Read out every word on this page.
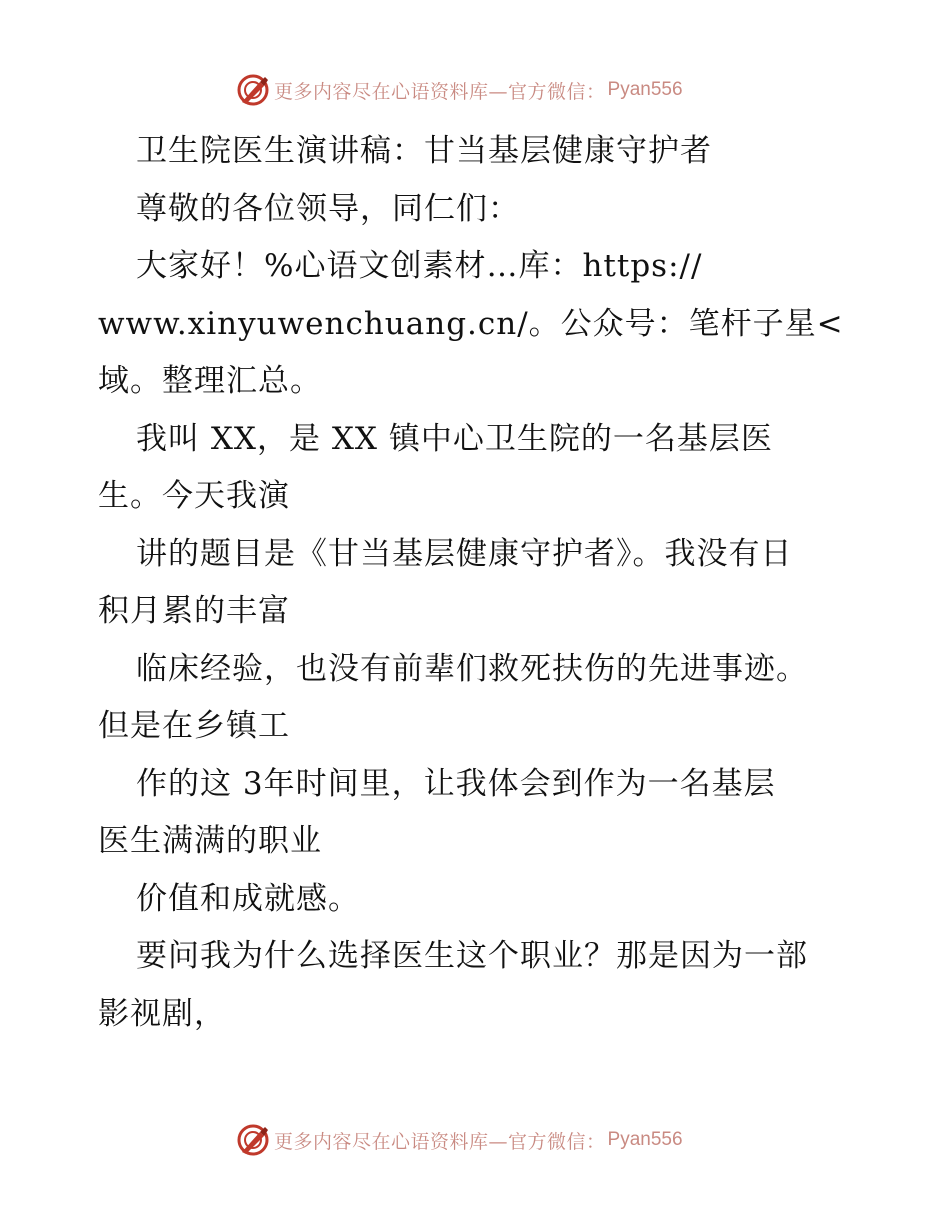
更多内容尽在心语资料库—官方微信： Pyan556
卫生院医生演讲稿：甘当基层健康守护者
尊敬的各位领导，同仁们：
大家好！%心语文创素材…库：https://
www.xinyuwenchuang.cn/。公众号：笔杆子星<
域。整理汇总。
我叫 XX，是 XX 镇中心卫生院的一名基层医
生。今天我演
讲的题目是《甘当基层健康守护者》。我没有日
积月累的丰富
临床经验，也没有前辈们救死扶伤的先进事迹。
但是在乡镇工
作的这 3年时间里，让我体会到作为一名基层
医生满满的职业
价值和成就感。
要问我为什么选择医生这个职业？那是因为一部
影视剧，
更多内容尽在心语资料库—官方微信： Pyan556
